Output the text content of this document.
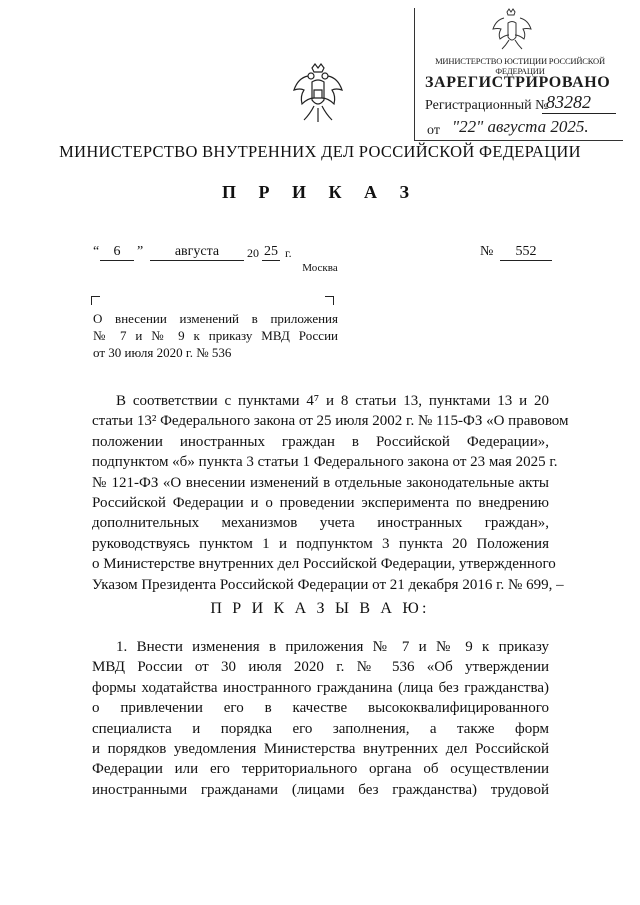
МИНИСТЕРСТВО ЮСТИЦИИ РОССИЙСКОЙ ФЕДЕРАЦИИ
ЗАРЕГИСТРИРОВАНО
Регистрационный №
83282
от "22" августа 2025.
МИНИСТЕРСТВО ВНУТРЕННИХ ДЕЛ РОССИЙСКОЙ ФЕДЕРАЦИИ
П Р И К А З
“	6	”	августа	20 25 г.	№	552
Москва
О внесении изменений в приложения
№ 7 и № 9 к приказу МВД России
от 30 июля 2020 г. № 536
В соответствии с пунктами 4⁷ и 8 статьи 13, пунктами 13 и 20
статьи 13² Федерального закона от 25 июля 2002 г. № 115-ФЗ «О правовом
положении иностранных граждан в Российской Федерации»,
подпунктом «б» пункта 3 статьи 1 Федерального закона от 23 мая 2025 г.
№ 121-ФЗ «О внесении изменений в отдельные законодательные акты
Российской Федерации и о проведении эксперимента по внедрению
дополнительных механизмов учета иностранных граждан»,
руководствуясь пунктом 1 и подпунктом 3 пункта 20 Положения
о Министерстве внутренних дел Российской Федерации, утвержденного
Указом Президента Российской Федерации от 21 декабря 2016 г. № 699, –
П Р И К А З Ы В А Ю:
1. Внести изменения в приложения № 7 и № 9 к приказу
МВД России от 30 июля 2020 г. № 536 «Об утверждении
формы ходатайства иностранного гражданина (лица без гражданства)
о привлечении его в качестве высококвалифицированного
специалиста и порядка его заполнения, а также форм
и порядков уведомления Министерства внутренних дел Российской
Федерации или его территориального органа об осуществлении
иностранными гражданами (лицами без гражданства) трудовой
